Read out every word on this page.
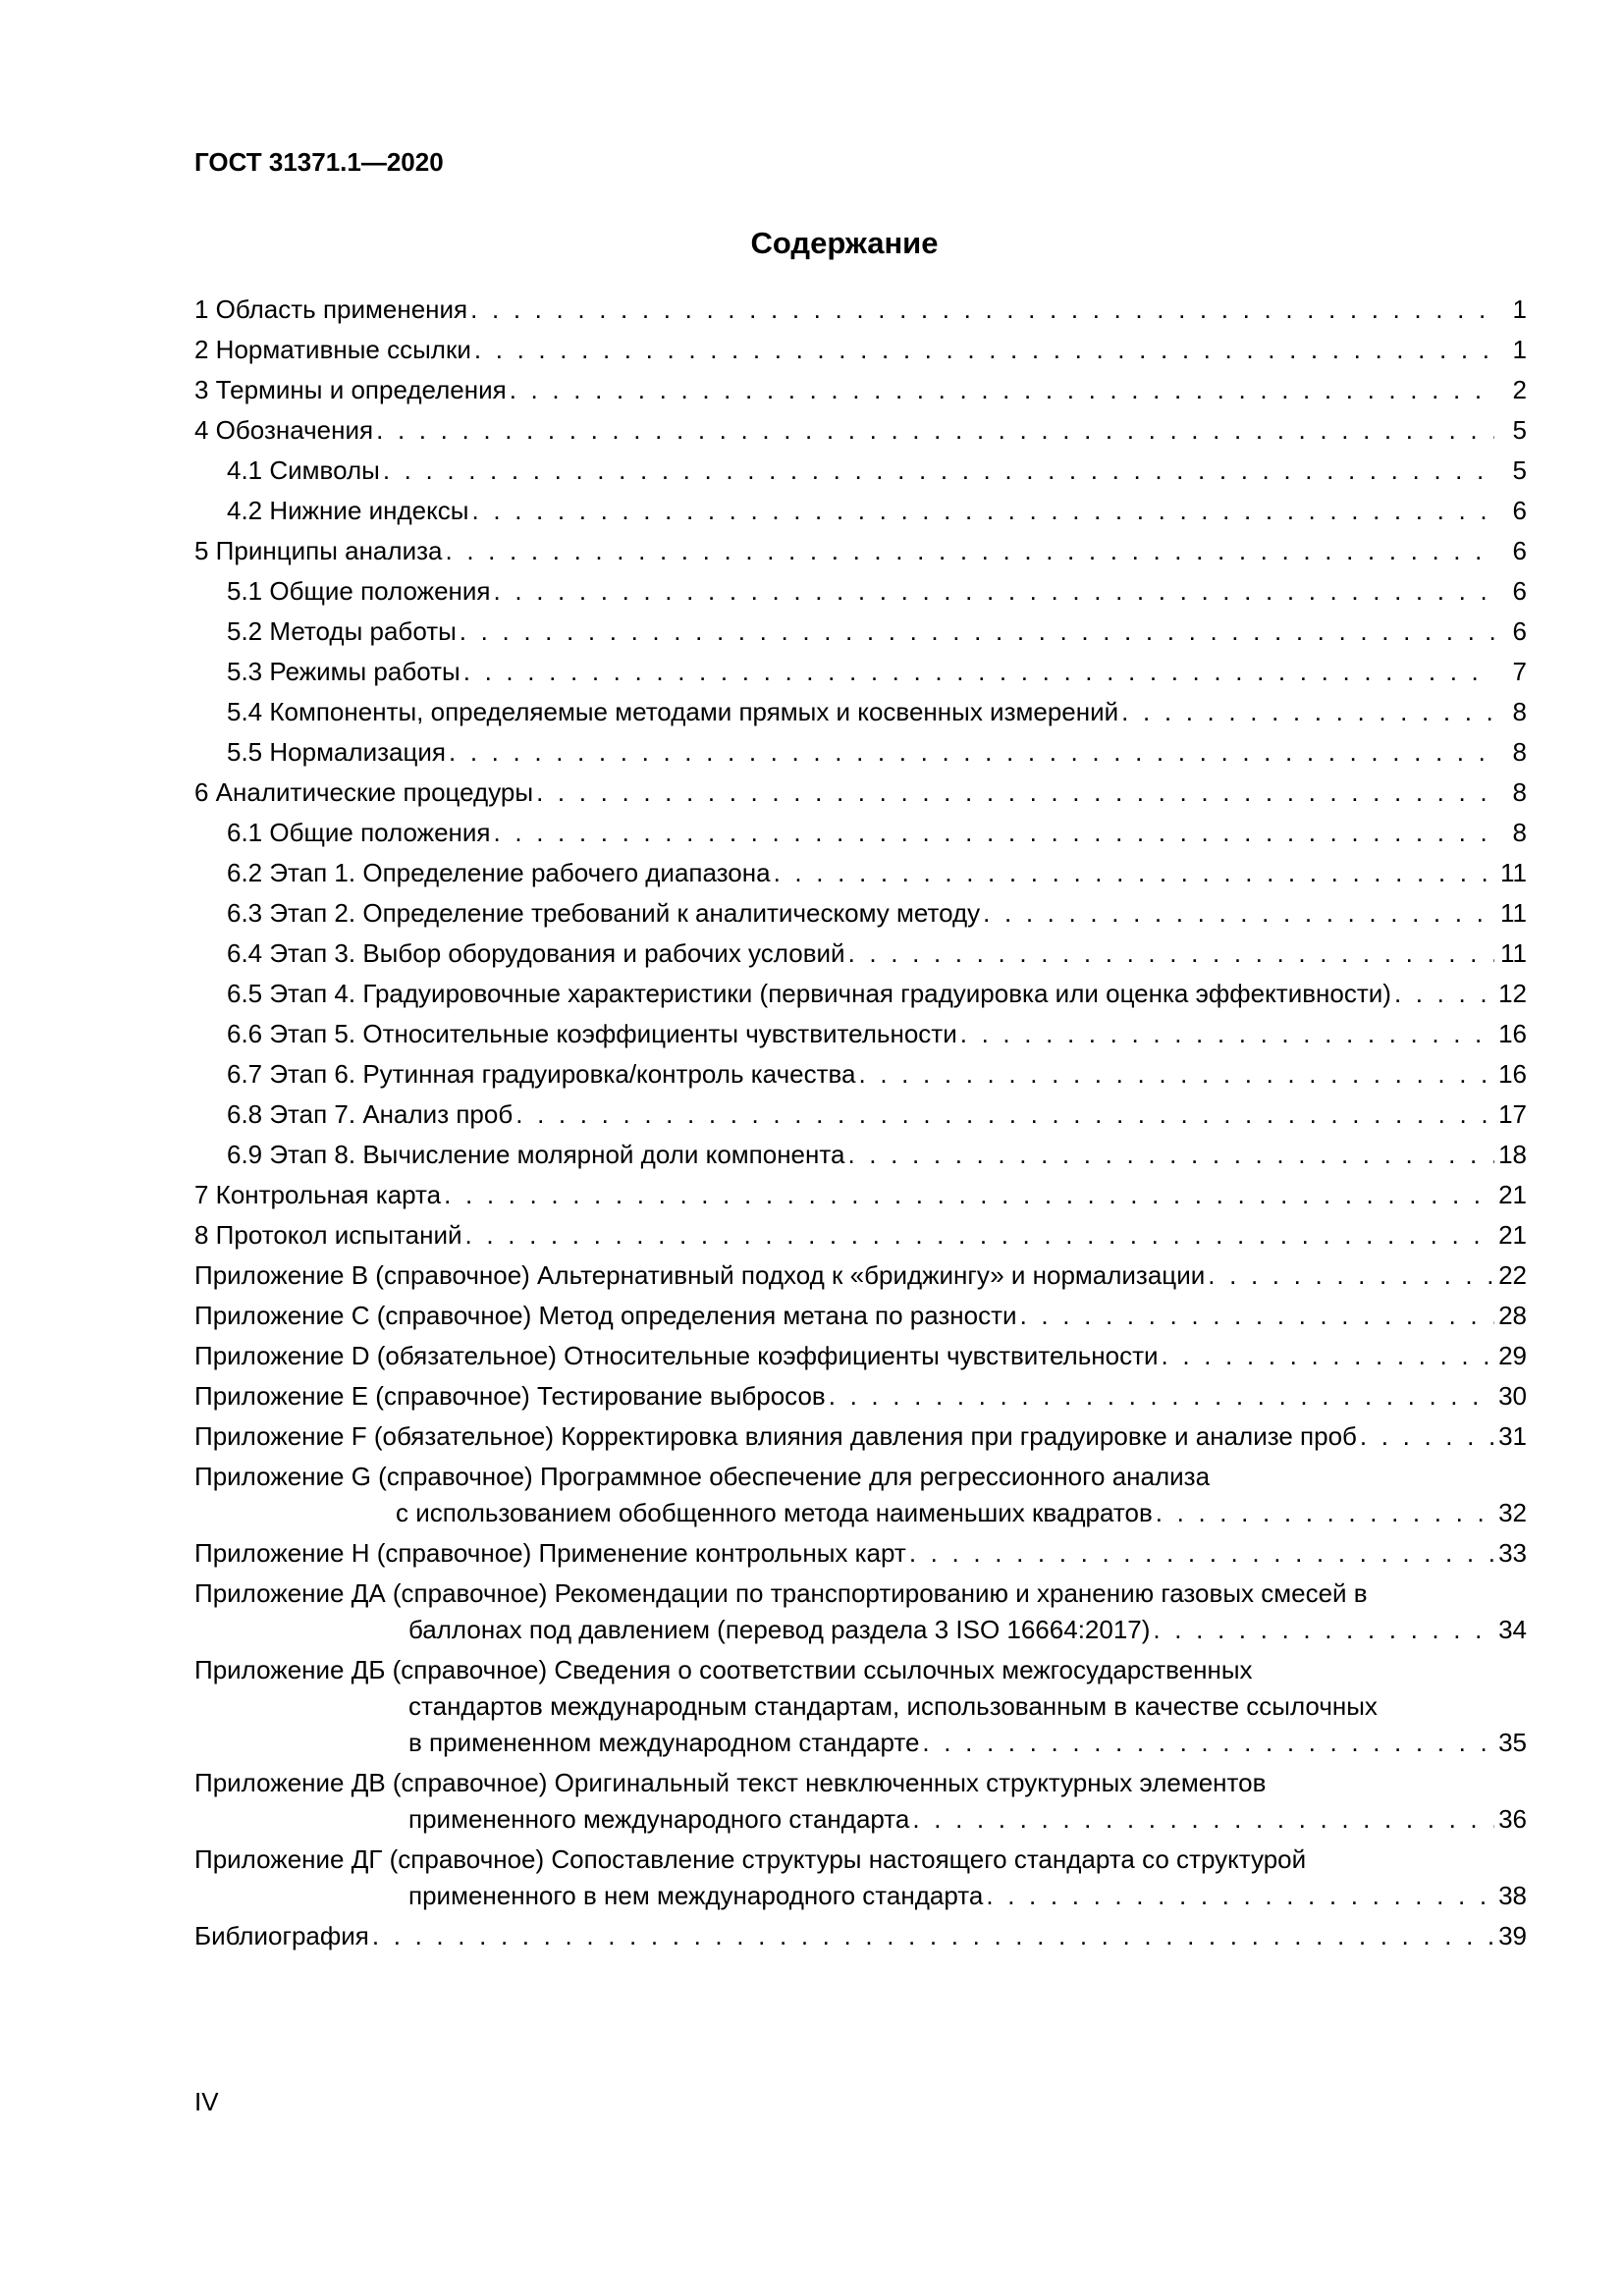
ГОСТ 31371.1—2020
Содержание
1 Область применения . . .	1
2 Нормативные ссылки . . .	1
3 Термины и определения . . .	2
4 Обозначения . . .	5
4.1 Символы . . .	5
4.2 Нижние индексы . . .	6
5 Принципы анализа . . .	6
5.1 Общие положения . . .	6
5.2 Методы работы . . .	6
5.3 Режимы работы . . .	7
5.4 Компоненты, определяемые методами прямых и косвенных измерений . . .	8
5.5 Нормализация . . .	8
6 Аналитические процедуры . . .	8
6.1 Общие положения . . .	8
6.2 Этап 1. Определение рабочего диапазона . . .	11
6.3 Этап 2. Определение требований к аналитическому методу . . .	11
6.4 Этап 3. Выбор оборудования и рабочих условий . . .	11
6.5 Этап 4. Градуировочные характеристики (первичная градуировка или оценка эффективности) . . .	12
6.6 Этап 5. Относительные коэффициенты чувствительности . . .	16
6.7 Этап 6. Рутинная градуировка/контроль качества . . .	16
6.8 Этап 7. Анализ проб . . .	17
6.9 Этап 8. Вычисление молярной доли компонента . . .	18
7 Контрольная карта . . .	21
8 Протокол испытаний . . .	21
Приложение В (справочное) Альтернативный подход к «бриджингу» и нормализации . . .	22
Приложение С (справочное) Метод определения метана по разности . . .	28
Приложение D (обязательное) Относительные коэффициенты чувствительности . . .	29
Приложение Е (справочное) Тестирование выбросов . . .	30
Приложение F (обязательное) Корректировка влияния давления при градуировке и анализе проб . . .	31
Приложение G (справочное) Программное обеспечение для регрессионного анализа
с использованием обобщенного метода наименьших квадратов . . .	32
Приложение Н (справочное) Применение контрольных карт . . .	33
Приложение ДА (справочное) Рекомендации по транспортированию и хранению газовых смесей в
баллонах под давлением (перевод раздела 3 ISO 16664:2017) . . .	34
Приложение ДБ (справочное) Сведения о соответствии ссылочных межгосударственных
стандартов международным стандартам, использованным в качестве ссылочных
в примененном международном стандарте . . .	35
Приложение ДВ (справочное) Оригинальный текст невключенных структурных элементов
примененного международного стандарта . . .	36
Приложение ДГ (справочное) Сопоставление структуры настоящего стандарта со структурой
примененного в нем международного стандарта . . .	38
Библиография . . .	39
IV
